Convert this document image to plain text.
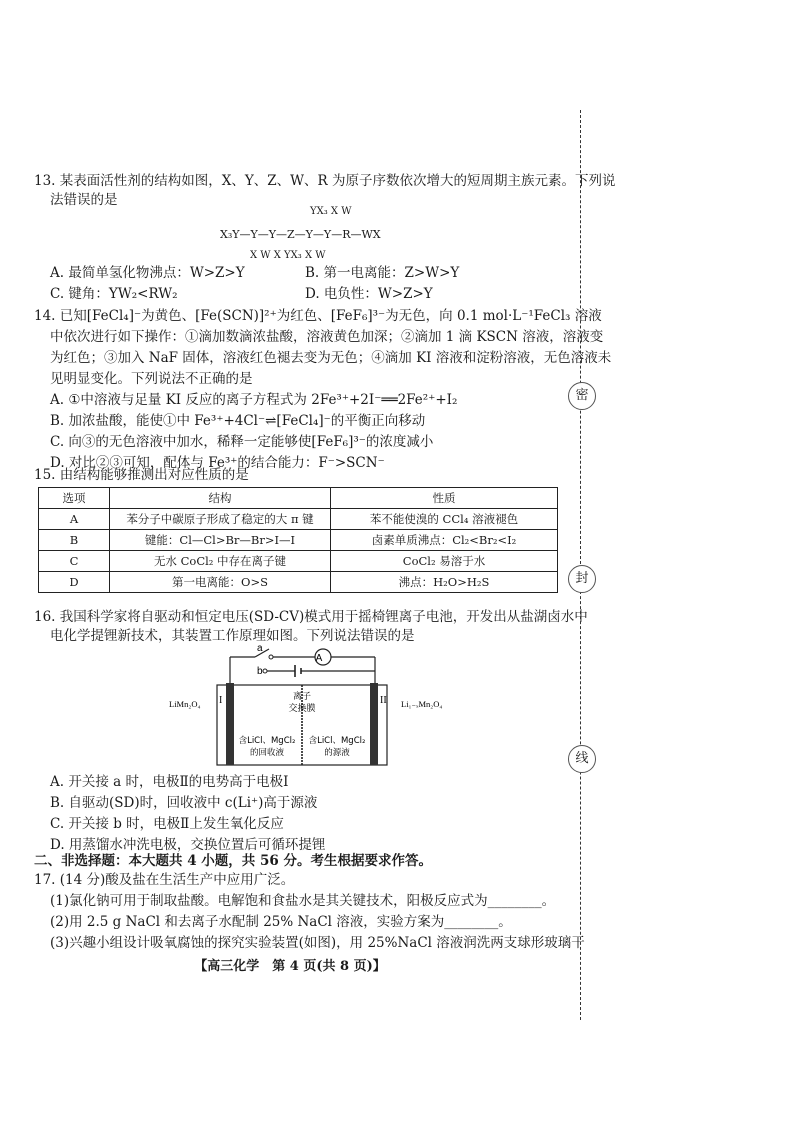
13. 某表面活性剂的结构如图，X、Y、Z、W、R 为原子序数依次增大的短周期主族元素。下列说
法错误的是
YX₃ X W
X₃Y—Y—Y—Z—Y—Y—R—WX
X W X YX₃ X W
A. 最简单氢化物沸点：W>Z>Y	B. 第一电离能：Z>W>Y
C. 键角：YW₂<RW₂	D. 电负性：W>Z>Y
14. 已知[FeCl₄]⁻为黄色、[Fe(SCN)]²⁺为红色、[FeF₆]³⁻为无色，向 0.1 mol·L⁻¹FeCl₃ 溶液
中依次进行如下操作：①滴加数滴浓盐酸，溶液黄色加深；②滴加 1 滴 KSCN 溶液，溶液变
为红色；③加入 NaF 固体，溶液红色褪去变为无色；④滴加 KI 溶液和淀粉溶液，无色溶液未
见明显变化。下列说法不正确的是
A. ①中溶液与足量 KI 反应的离子方程式为 2Fe³⁺+2I⁻══2Fe²⁺+I₂
B. 加浓盐酸，能使①中 Fe³⁺+4Cl⁻⇌[FeCl₄]⁻的平衡正向移动
C. 向③的无色溶液中加水，稀释一定能够使[FeF₆]³⁻的浓度减小
D. 对比②③可知，配体与 Fe³⁺的结合能力：F⁻>SCN⁻
15. 由结构能够推测出对应性质的是
选项	结构	性质
A	苯分子中碳原子形成了稳定的大 π 键	苯不能使溴的 CCl₄ 溶液褪色
B	键能：Cl—Cl>Br—Br>I—I	卤素单质沸点：Cl₂<Br₂<I₂
C	无水 CoCl₂ 中存在离子键	CoCl₂ 易溶于水
D	第一电离能：O>S	沸点：H₂O>H₂S
16. 我国科学家将自驱动和恒定电压(SD-CV)模式用于摇椅锂离子电池，开发出从盐湖卤水中
电化学提锂新技术，其装置工作原理如图。下列说法错误的是
A
a
b
I	II
LiMn₂O₄	Li₁₋ₓMn₂O₄
离子
交换膜
含LiCl、MgCl₂
的回收液
含LiCl、MgCl₂
的源液
A. 开关接 a 时，电极Ⅱ的电势高于电极Ⅰ
B. 自驱动(SD)时，回收液中 c(Li⁺)高于源液
C. 开关接 b 时，电极Ⅱ上发生氧化反应
D. 用蒸馏水冲洗电极，交换位置后可循环提锂
二、非选择题：本大题共 4 小题，共 56 分。考生根据要求作答。
17. (14 分)酸及盐在生活生产中应用广泛。
(1)氯化钠可用于制取盐酸。电解饱和食盐水是其关键技术，阳极反应式为________。
(2)用 2.5 g NaCl 和去离子水配制 25% NaCl 溶液，实验方案为________。
(3)兴趣小组设计吸氧腐蚀的探究实验装置(如图)，用 25%NaCl 溶液润洗两支球形玻璃干
【高三化学　第 4 页(共 8 页)】
密
封
线
